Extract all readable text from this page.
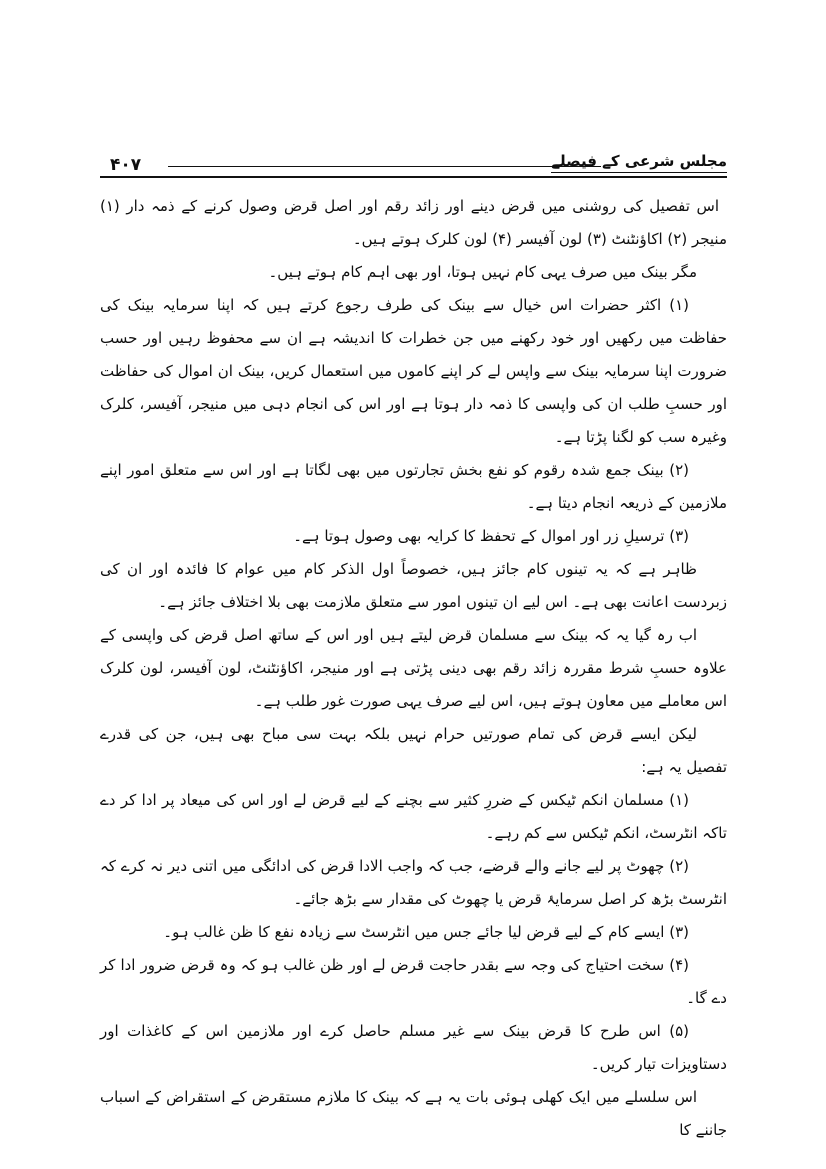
۴۰۷	مجلس شرعی کے فیصلے

اس تفصیل کی روشنی میں قرض دینے اور زائد رقم اور اصل قرض وصول کرنے کے ذمہ دار (۱) منیجر (۲) اکاؤنٹنٹ (۳) لون آفیسر (۴) لون کلرک ہوتے ہیں۔

مگر بینک میں صرف یہی کام نہیں ہوتا، اور بھی اہم کام ہوتے ہیں۔

(۱) اکثر حضرات اس خیال سے بینک کی طرف رجوع کرتے ہیں کہ اپنا سرمایہ بینک کی حفاظت میں رکھیں اور خود رکھنے میں جن خطرات کا اندیشہ ہے ان سے محفوظ رہیں اور حسب ضرورت اپنا سرمایہ بینک سے واپس لے کر اپنے کاموں میں استعمال کریں، بینک ان اموال کی حفاظت اور حسبِ طلب ان کی واپسی کا ذمہ دار ہوتا ہے اور اس کی انجام دہی میں منیجر، آفیسر، کلرک وغیرہ سب کو لگنا پڑتا ہے۔

(۲) بینک جمع شدہ رقوم کو نفع بخش تجارتوں میں بھی لگاتا ہے اور اس سے متعلق امور اپنے ملازمین کے ذریعہ انجام دیتا ہے۔

(۳) ترسیلِ زر اور اموال کے تحفظ کا کرایہ بھی وصول ہوتا ہے۔

ظاہر ہے کہ یہ تینوں کام جائز ہیں، خصوصاً اول الذکر کام میں عوام کا فائدہ اور ان کی زبردست اعانت بھی ہے۔ اس لیے ان تینوں امور سے متعلق ملازمت بھی بلا اختلاف جائز ہے۔

اب رہ گیا یہ کہ بینک سے مسلمان قرض لیتے ہیں اور اس کے ساتھ اصل قرض کی واپسی کے علاوہ حسبِ شرط مقررہ زائد رقم بھی دینی پڑتی ہے اور منیجر، اکاؤنٹنٹ، لون آفیسر، لون کلرک اس معاملے میں معاون ہوتے ہیں، اس لیے صرف یہی صورت غور طلب ہے۔

لیکن ایسے قرض کی تمام صورتیں حرام نہیں بلکہ بہت سی مباح بھی ہیں، جن کی قدرے تفصیل یہ ہے:

(۱) مسلمان انکم ٹیکس کے ضررِ کثیر سے بچنے کے لیے قرض لے اور اس کی میعاد پر ادا کر دے تاکہ انٹرسٹ، انکم ٹیکس سے کم رہے۔

(۲) چھوٹ پر لیے جانے والے قرضے، جب کہ واجب الادا قرض کی ادائگی میں اتنی دیر نہ کرے کہ انٹرسٹ بڑھ کر اصل سرمایۂ قرض یا چھوٹ کی مقدار سے بڑھ جائے۔

(۳) ایسے کام کے لیے قرض لیا جائے جس میں انٹرسٹ سے زیادہ نفع کا ظن غالب ہو۔

(۴) سخت احتیاج کی وجہ سے بقدر حاجت قرض لے اور ظن غالب ہو کہ وہ قرض ضرور ادا کر دے گا۔

(۵) اس طرح کا قرض بینک سے غیر مسلم حاصل کرے اور ملازمین اس کے کاغذات اور دستاویزات تیار کریں۔

اس سلسلے میں ایک کھلی ہوئی بات یہ ہے کہ بینک کا ملازم مستقرض کے استقراض کے اسباب جاننے کا
